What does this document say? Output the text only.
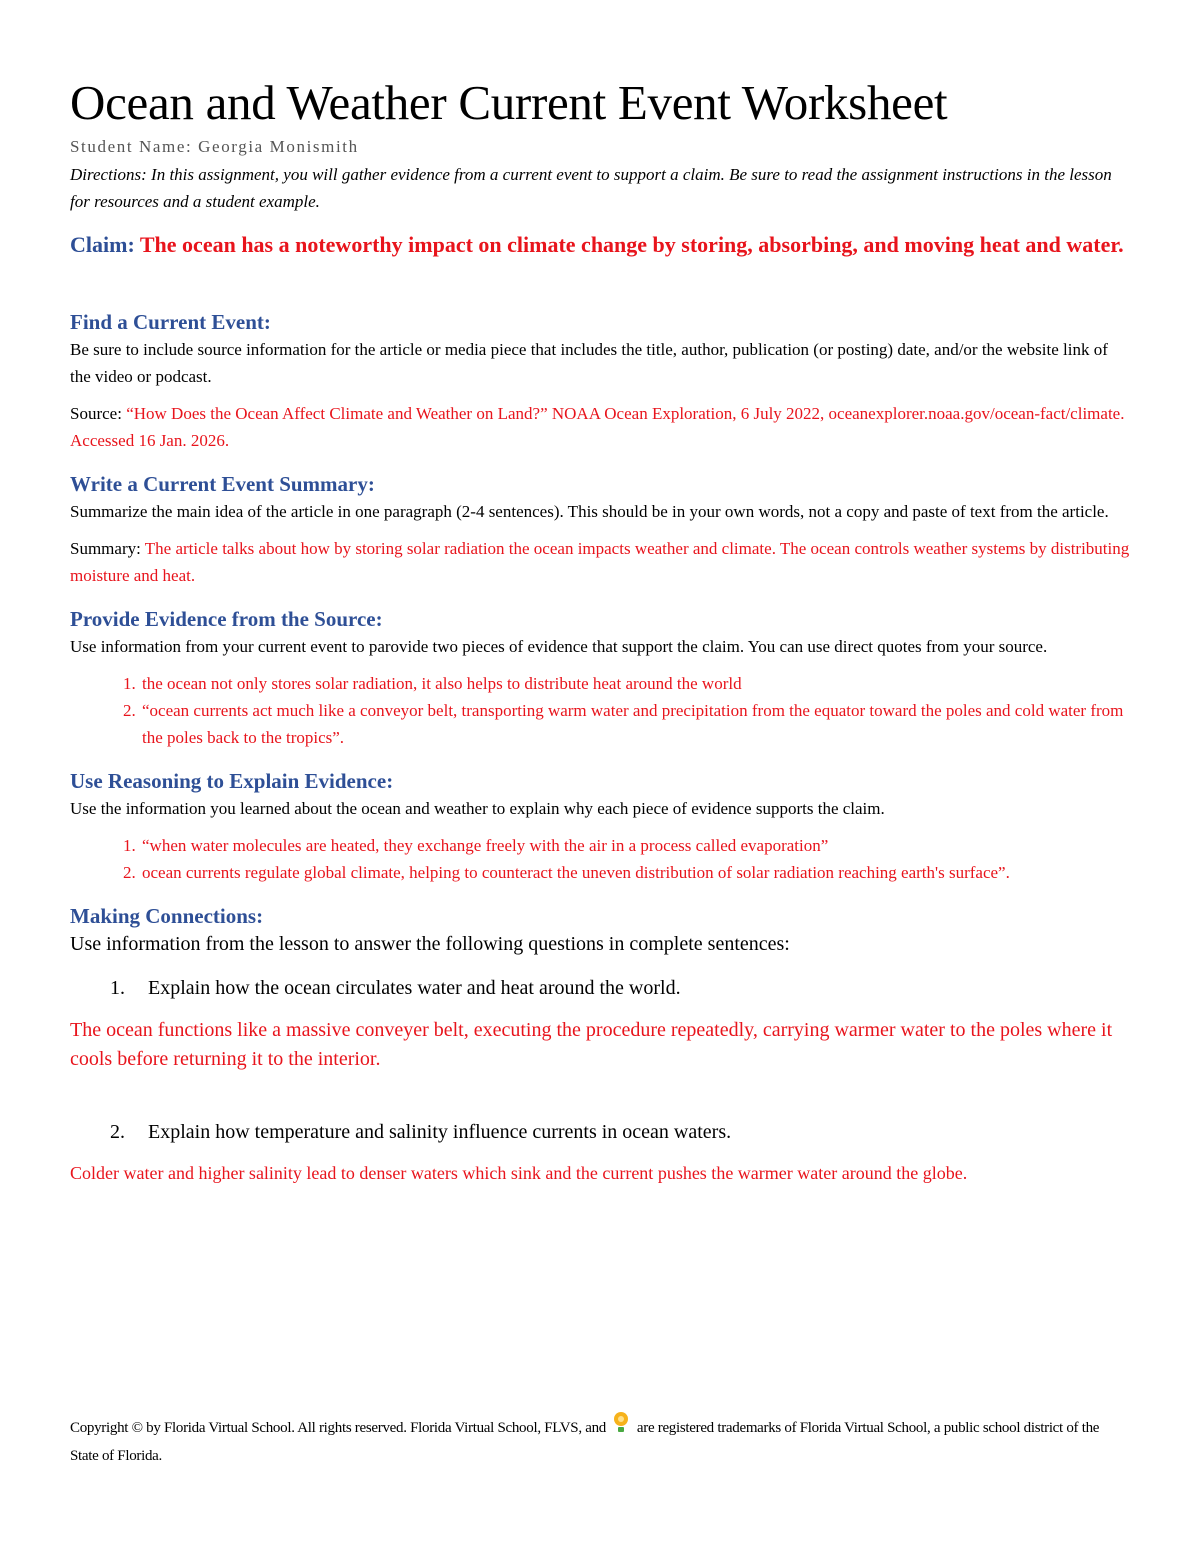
Ocean and Weather Current Event Worksheet
Student Name: Georgia Monismith
Directions: In this assignment, you will gather evidence from a current event to support a claim. Be sure to read the assignment instructions in the lesson for resources and a student example.
Claim: The ocean has a noteworthy impact on climate change by storing, absorbing, and moving heat and water.
Find a Current Event:
Be sure to include source information for the article or media piece that includes the title, author, publication (or posting) date, and/or the website link of the video or podcast.
Source: “How Does the Ocean Affect Climate and Weather on Land?” NOAA Ocean Exploration, 6 July 2022, oceanexplorer.noaa.gov/ocean-fact/climate. Accessed 16 Jan. 2026.
Write a Current Event Summary:
Summarize the main idea of the article in one paragraph (2-4 sentences). This should be in your own words, not a copy and paste of text from the article.
Summary: The article talks about how by storing solar radiation the ocean impacts weather and climate. The ocean controls weather systems by distributing moisture and heat.
Provide Evidence from the Source:
Use information from your current event to parovide two pieces of evidence that support the claim. You can use direct quotes from your source.
1. the ocean not only stores solar radiation, it also helps to distribute heat around the world
2. “ocean currents act much like a conveyor belt, transporting warm water and precipitation from the equator toward the poles and cold water from the poles back to the tropics”.
Use Reasoning to Explain Evidence:
Use the information you learned about the ocean and weather to explain why each piece of evidence supports the claim.
1. “when water molecules are heated, they exchange freely with the air in a process called evaporation”
2. ocean currents regulate global climate, helping to counteract the uneven distribution of solar radiation reaching earth's surface”.
Making Connections:
Use information from the lesson to answer the following questions in complete sentences:
1. Explain how the ocean circulates water and heat around the world.
The ocean functions like a massive conveyer belt, executing the procedure repeatedly, carrying warmer water to the poles where it cools before returning it to the interior.
2. Explain how temperature and salinity influence currents in ocean waters.
Colder water and higher salinity lead to denser waters which sink and the current pushes the warmer water around the globe.
Copyright © by Florida Virtual School. All rights reserved. Florida Virtual School, FLVS, and are registered trademarks of Florida Virtual School, a public school district of the State of Florida.
